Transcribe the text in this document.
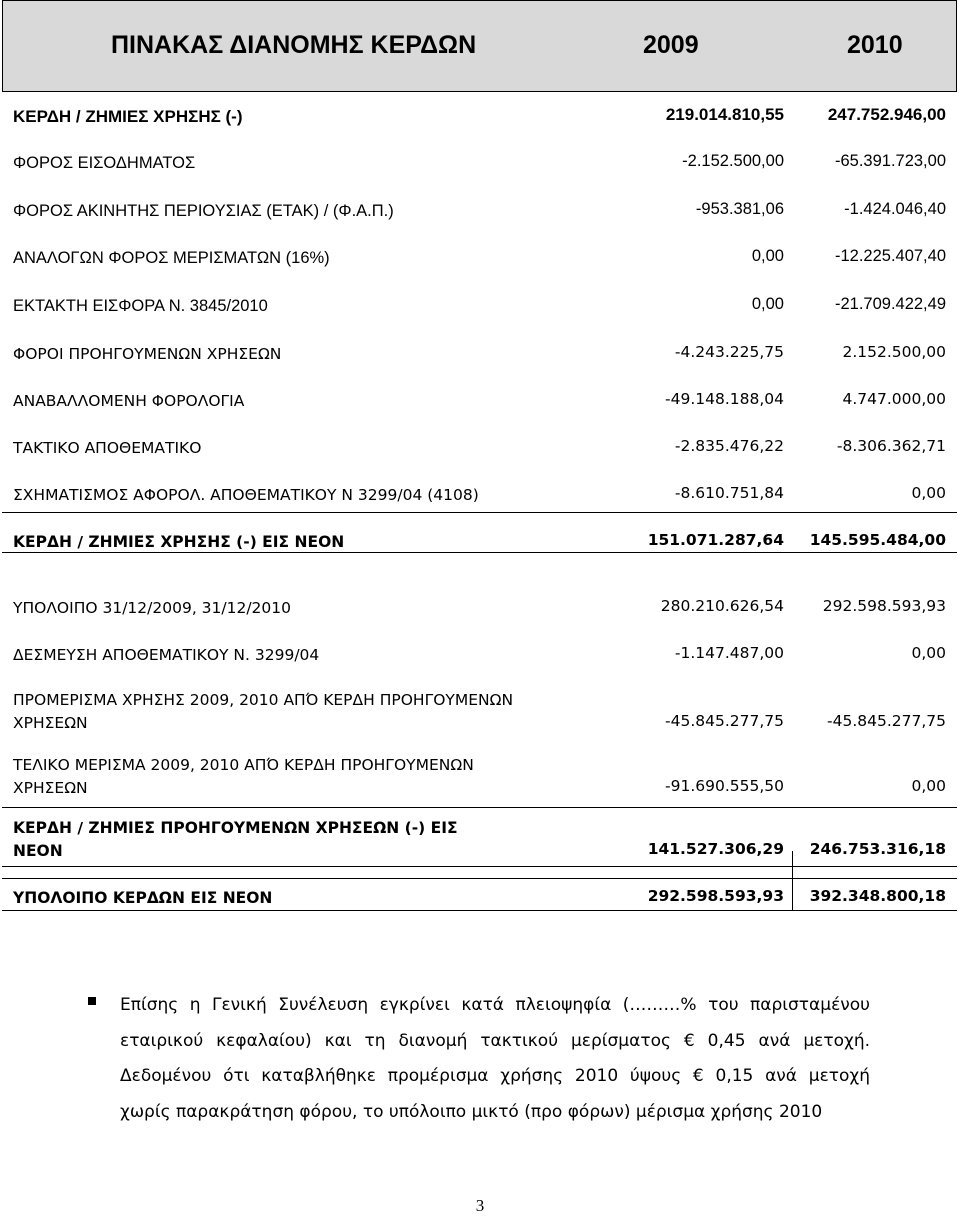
ΠΙΝΑΚΑΣ ΔΙΑΝΟΜΗΣ ΚΕΡΔΩΝ	2009	2010
ΚΕΡΔΗ / ΖΗΜΙΕΣ ΧΡΗΣΗΣ (-)	219.014.810,55	247.752.946,00
ΦΟΡΟΣ ΕΙΣΟΔΗΜΑΤΟΣ	-2.152.500,00	-65.391.723,00
ΦΟΡΟΣ ΑΚΙΝΗΤΗΣ ΠΕΡΙΟΥΣΙΑΣ (ΕΤΑΚ) / (Φ.Α.Π.)	-953.381,06	-1.424.046,40
ΑΝΑΛΟΓΩΝ ΦΟΡΟΣ ΜΕΡΙΣΜΑΤΩΝ (16%)	0,00	-12.225.407,40
ΕΚΤΑΚΤΗ ΕΙΣΦΟΡΑ Ν. 3845/2010	0,00	-21.709.422,49
ΦΟΡΟΙ ΠΡΟΗΓΟΥΜΕΝΩΝ ΧΡΗΣΕΩΝ	-4.243.225,75	2.152.500,00
ΑΝΑΒΑΛΛΟΜΕΝΗ ΦΟΡΟΛΟΓΙΑ	-49.148.188,04	4.747.000,00
ΤΑΚΤΙΚΟ ΑΠΟΘΕΜΑΤΙΚΟ	-2.835.476,22	-8.306.362,71
ΣΧΗΜΑΤΙΣΜΟΣ ΑΦΟΡΟΛ. ΑΠΟΘΕΜΑΤΙΚΟΥ Ν 3299/04 (4108)	-8.610.751,84	0,00
ΚΕΡΔΗ / ΖΗΜΙΕΣ ΧΡΗΣΗΣ (-) ΕΙΣ ΝΕΟΝ	151.071.287,64 145.595.484,00
ΥΠΟΛΟΙΠΟ 31/12/2009, 31/12/2010	280.210.626,54 292.598.593,93
ΔΕΣΜΕΥΣΗ ΑΠΟΘΕΜΑΤΙΚΟΥ Ν. 3299/04	-1.147.487,00	0,00
ΠΡΟΜΕΡΙΣΜΑ ΧΡΗΣΗΣ 2009, 2010 ΑΠΌ ΚΕΡΔΗ ΠΡΟΗΓΟΥΜΕΝΩΝ
ΧΡΗΣΕΩΝ	-45.845.277,75	-45.845.277,75
ΤΕΛΙΚΟ ΜΕΡΙΣΜΑ 2009, 2010 ΑΠΌ ΚΕΡΔΗ ΠΡΟΗΓΟΥΜΕΝΩΝ
ΧΡΗΣΕΩΝ	-91.690.555,50	0,00
ΚΕΡΔΗ / ΖΗΜΙΕΣ ΠΡΟΗΓΟΥΜΕΝΩΝ ΧΡΗΣΕΩΝ (-) ΕΙΣ
ΝΕΟΝ	141.527.306,29 246.753.316,18
ΥΠΟΛΟΙΠΟ ΚΕΡΔΩΝ ΕΙΣ ΝΕΟΝ	292.598.593,93 392.348.800,18
Επίσης η Γενική Συνέλευση εγκρίνει κατά πλειοψηφία (………% του παρισταμένου
εταιρικού κεφαλαίου) και τη διανομή τακτικού μερίσματος € 0,45 ανά μετοχή.
Δεδομένου ότι καταβλήθηκε προμέρισμα χρήσης 2010 ύψους € 0,15 ανά μετοχή
χωρίς παρακράτηση φόρου, το υπόλοιπο μικτό (προ φόρων) μέρισμα χρήσης 2010
3
